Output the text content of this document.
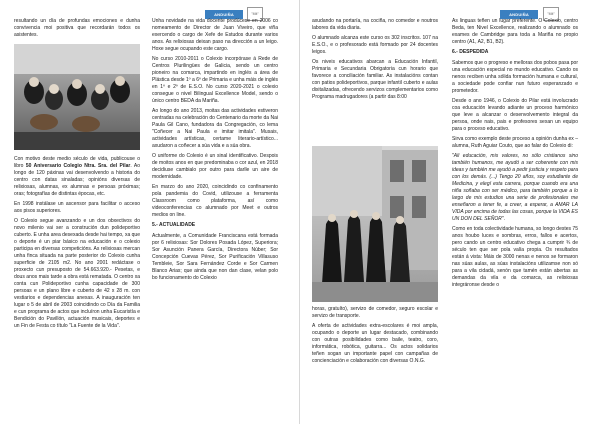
ANDUIÑA	"Mit"

resultando un día de profundas emociones e dunha convivencia moi positiva que recordarán todos os asistentes.

Con motivo deste medio século de vida, publicouse o libro 50 Aniversario Colegio Ntra. Sra. del Pilar. Ao longo de 120 páxinas vai desenvolvendo a historia do centro con datas sinaladas; opinións diversas de relixiosas, alumnas, ex alumnas e persoas próximas; oras; fotografías de distintas épocas, etc.

En 1998 instálase un ascensor para facilitar o acceso aos pisos superiores.

O Colexio segue avanzando e un dos obxectivos do novo milenio vai ser a construción dun polideportivo cuberto. E unha area desexada desde hai tempo, xa que o deporte é un piar básico na educación e o colexio participa en diversas competicións. As relixiosas mercan unha finca situada na parte posterior do Colexio cunha superficie de 2105 m2. No ano 2001 redáctase o proxecto cun presuposto de 54.663.920.- Pesetas, e dous anos mais tarde a obra está rematada. O centro xa conta cun Polideportivo cunha capacidade de 300 persoas e un plano libre e cuberto de 42 x 28 m. con vestiarios e dependencias anexas. A inauguración ten lugar o 5 de abril de 2003 coincidindo co Día da Familia e cun programa de actos que incluíron unha Eucaristía e Bendición do Pavillón, actuación musicais, deportes e un Fin de Festa co título "La Fuente de la Vida".

Unha novidade na vida docente prodúcese en 2006 co nomeamento de Director de Juan Viveiro, que viña exercendo o cargo de Xefe de Estudos durante varios anos. As relixiosas deixan paso na dirección a un leigo. Hoxe segue ocupando este cargo.

No curso 2010-2011 o Colexio incorpórase á Rede de Centros Plurilingües de Galicia, sendo un centro pioneiro na comarca, impartindo en inglés a área de Plástica desde 1º a 6º de Primaria e unha máis de inglés en 1º e 2º de E.S.O. No curso 2020-2021 o colexio consegue o nivel Bilingual Excellence Model, sendo o único centro BEDA da Mariña.

Ao longo do ano 2013, moitas das actividades estiveron centradas na celebración do Centenario da morte da Nai Paula Gil Cano, fundadora da Congregación, co lema "Coñecer a Nai Paula e imitar imitala". Musais, actividades artísticas, certame literario-artístico... axudaron a coñecer a súa vida e a súa obra.

O uniforme do Colexio é un sinal identificativo. Despois de moitos anos en que predominaba o cor azul, en 2018 decidiuse cambialo por outro para darlle un aire de modernidade.

En marzo do ano 2020, coincidindo co confinamento pola pandemia do Covid, utilizouse a ferramenta Classroom como plataforma, así como videoconferencias co alumnado por Meet e outros medios on line.

5.- ACTUALIDADE

Actualmente, a Comunidade Franciscana está formada por 6 relixiosas: Sor Dolores Posada López, Superiora; Sor Asunción Panera García, Directora Núber; Sor Concepción Cuevas Pérez, Sor Purificación Villasuso Tembleie, Sor Sara Fernández Corde e Sor Carmen Blanco Arias; que ainda que non dan clase, velan polo bo funcionamento do Colexio

ANDUIÑA	"Mit"

axudando na portaría, na cociña, no comedor e noutros labores da vida diaria.

O alumnado alcanza este curso os 302 inscritos. 107 na E.S.O., e o profesorado está formado por 24 docentes leigos.

Os niveis educativos abarcan a Educación Infantil, Primaria e Secundaria Obrigatoria cun horario que favorece a conciliación familiar. As instalacións contan con patios polideportivos, parque infantil cuberto e aulas dixitalizadas, ofrecendo servizos complementarios como Programa madrugadores (a partir das 8:00

horas, gratuíto), servizo de comedor, seguro escolar e servizo de transporte.

A oferta de actividades extra-escolares é moi ampla, ocupando o deporte un lugar destacado, combinando con outras posibilidades como baile, teatro, coro, informática, robótica, guitarra... Os actos solidarios teñen sogan un importante papel con campañas de concienciación e colaboración con diversas O.N.G.

As linguas teñen un lugar preferente. O Colexio, centro Beda, ten Nivel Excellence, realizando o alumnado os exames de Cambridge para toda a Mariña no propio centro (A1, A2, B1, B2).

6.- DESPEDIDA

Sabemos que o progreso e melloras dos pobos pasa por una educación especial no mundo educativo. Cando os nenos reciben unha sólida formación humana e cultural, a sociedade pode confiar nun futuro esperanzado e prometedor.

Desde o ano 1946, o Colexio do Pilar está involucrado coa educación levando adiante un proceso harmónico que leve a alcanzar o desenvolvemento integral da persoa, onde nais, pais e profesores sexan un equipo para o proceso educativo.

Sirva como exemplo deste proceso a opinión dunha ex – alumna, Ruth Aguiar Couto, que ao falar do Colexio di:

"Ali educación, mis valores, no sólo cristianos sino también humanos, me ayudó a ser coherente con mis ideas y también me ayudó a pedir justicia y respeto para con los demás. (...) Tengo 20 años, soy estudiante de Medicina, y elegí esta carrera, porque cuando era una niña soñaba con ser médico, para también porque a lo largo de mis estudios una serie de profesionales me enseñaron a tener fe, a creer, a esperar, a AMAR LA VIDA por encima de todas las cosas, porque la VIDA ES UN DON DEL SEÑOR".

Como en toda colectividade humana, so longo destes 75 anos houbo luces e sombras, erros, fallos e acertos, pero cando un centro educativo chega a cumprir ¾ de século ten que ser pola valía propia. Os resultados están á vista: Máis de 3000 nenas e nenos se formaron nas súas aulas, as súas instalacións utilizamse non só para a vila cidadá, senón que tamén están abertas as demandas da vila e da comarca, as relixiosas integráronse desde o
